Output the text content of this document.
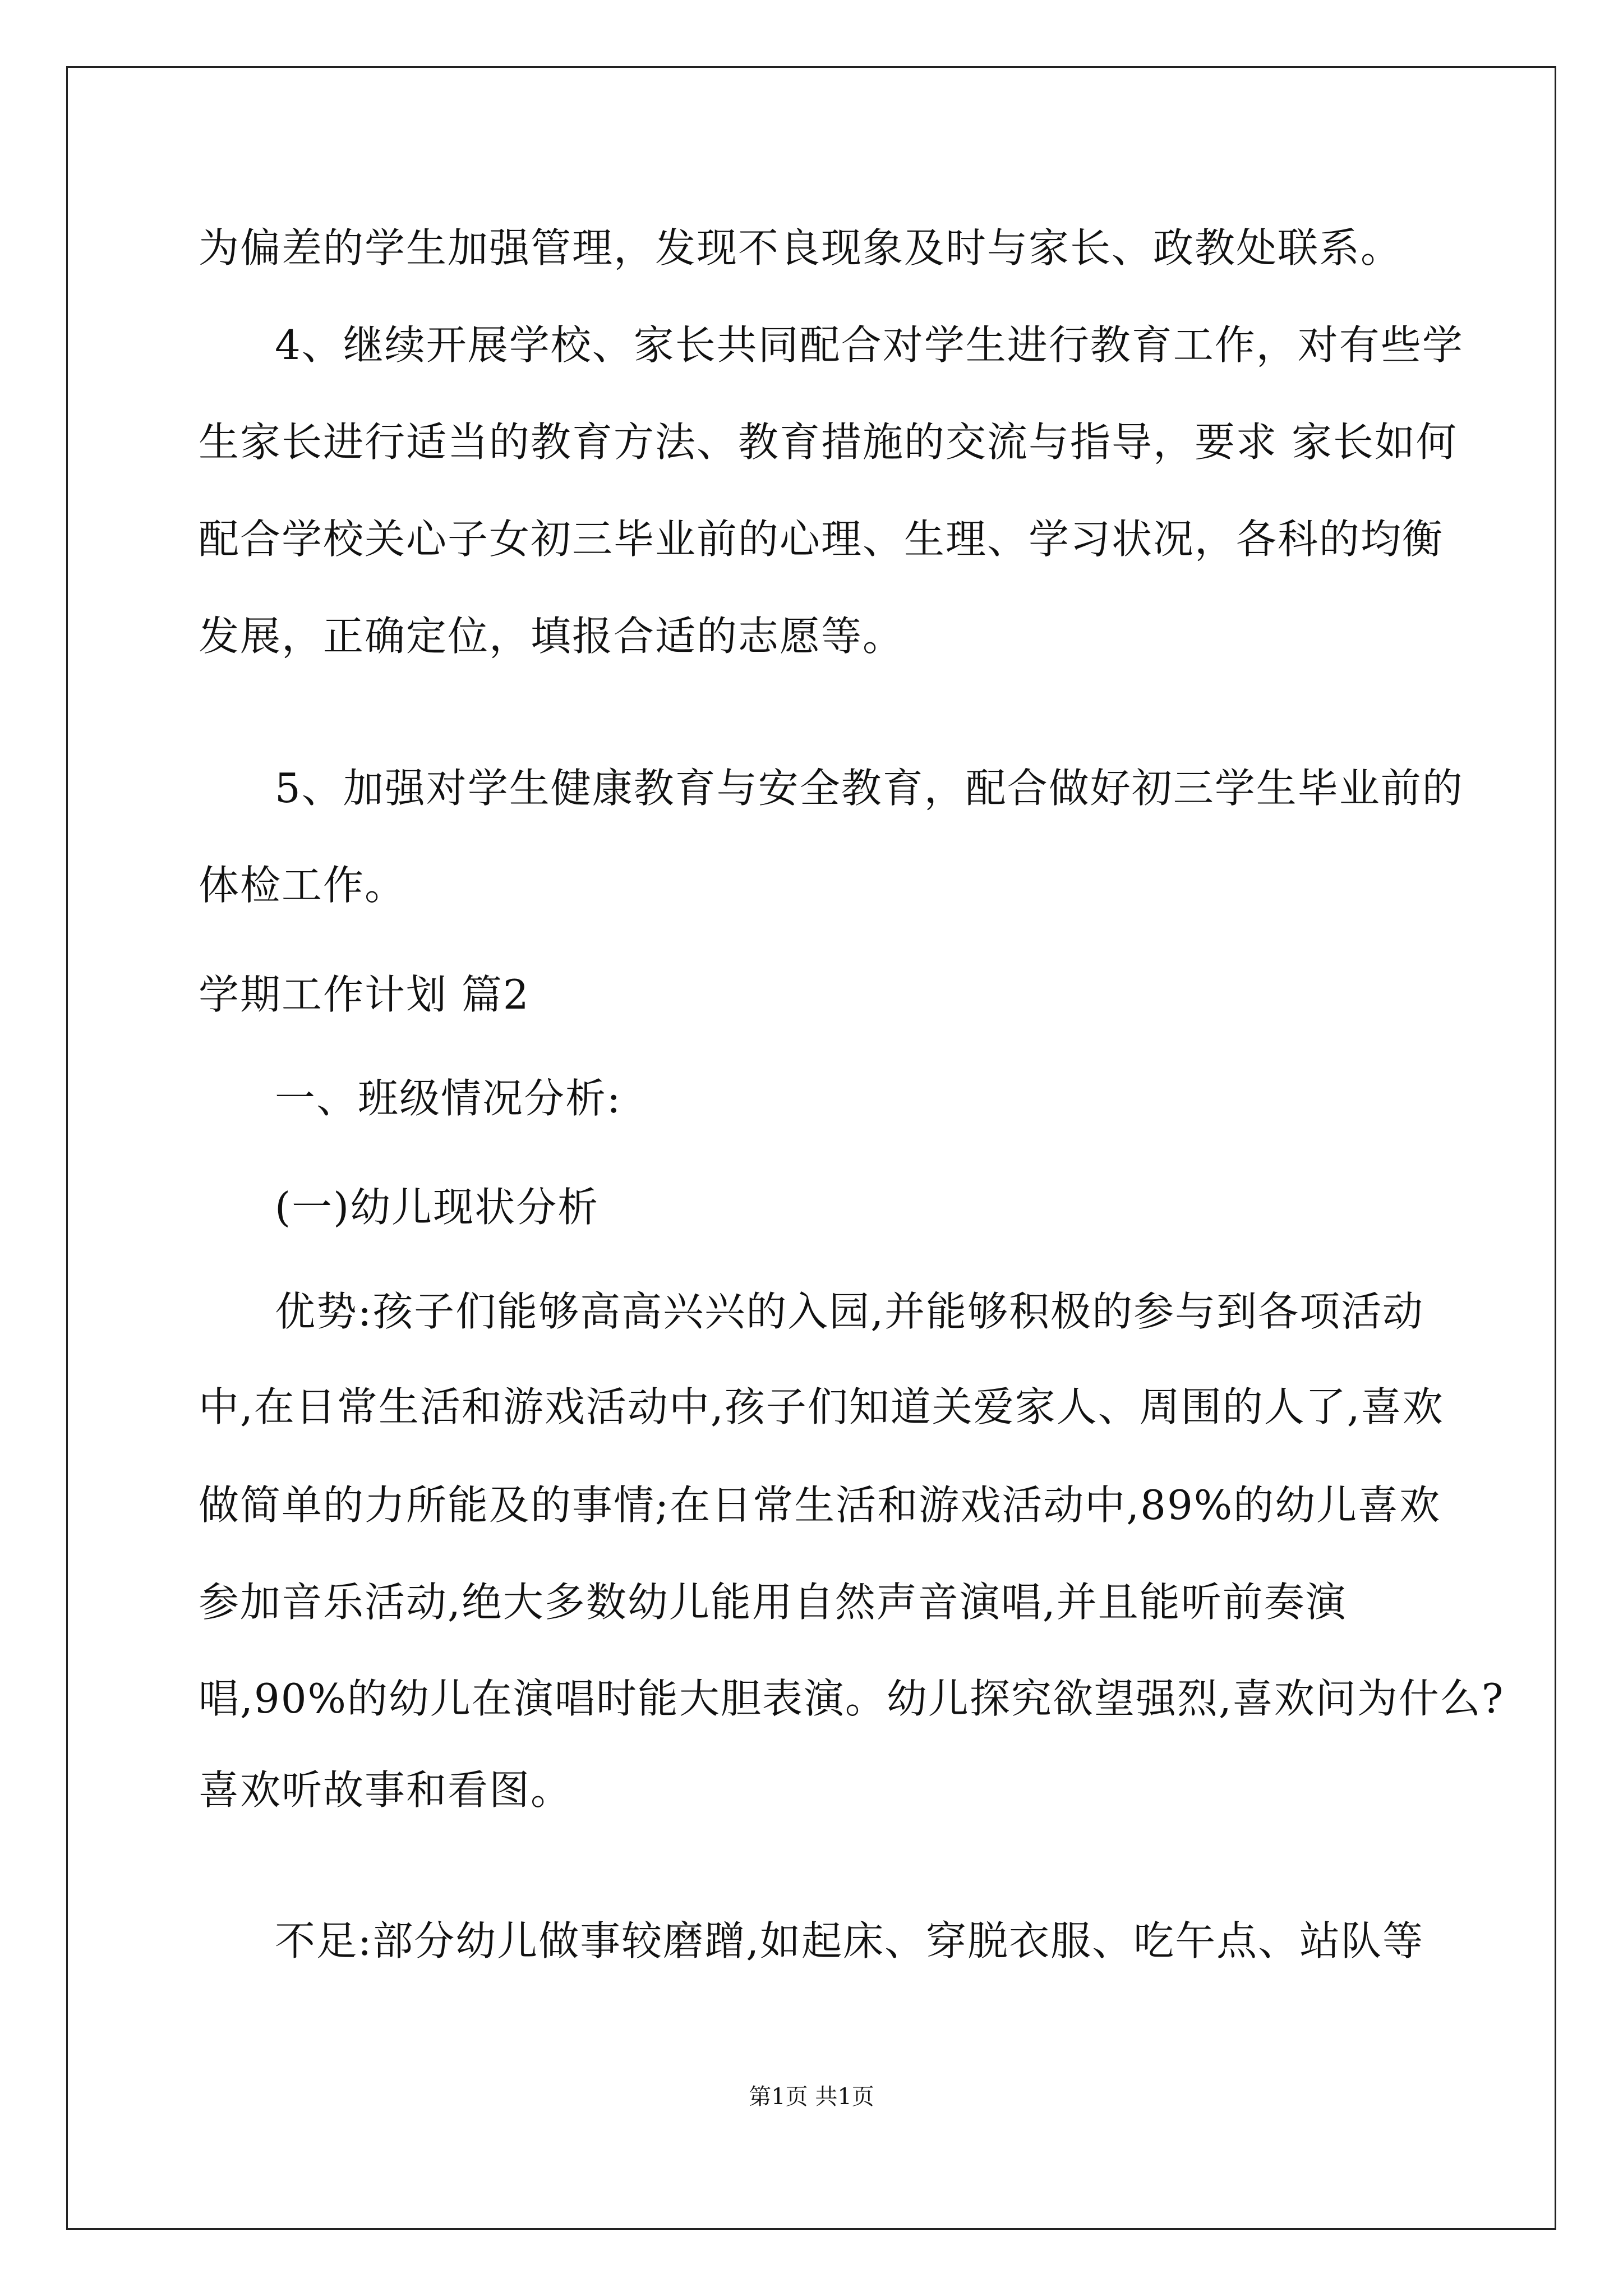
为偏差的学生加强管理，发现不良现象及时与家长、政教处联系。
4、继续开展学校、家长共同配合对学生进行教育工作，对有些学
生家长进行适当的教育方法、教育措施的交流与指导，要求 家长如何
配合学校关心子女初三毕业前的心理、生理、学习状况，各科的均衡
发展，正确定位，填报合适的志愿等。
5、加强对学生健康教育与安全教育，配合做好初三学生毕业前的
体检工作。
学期工作计划 篇2
一、班级情况分析:
(一)幼儿现状分析
优势:孩子们能够高高兴兴的入园,并能够积极的参与到各项活动
中,在日常生活和游戏活动中,孩子们知道关爱家人、周围的人了,喜欢
做简单的力所能及的事情;在日常生活和游戏活动中,89%的幼儿喜欢
参加音乐活动,绝大多数幼儿能用自然声音演唱,并且能听前奏演
唱,90%的幼儿在演唱时能大胆表演。幼儿探究欲望强烈,喜欢问为什么?
喜欢听故事和看图。
不足:部分幼儿做事较磨蹭,如起床、穿脱衣服、吃午点、站队等
第1页 共1页
